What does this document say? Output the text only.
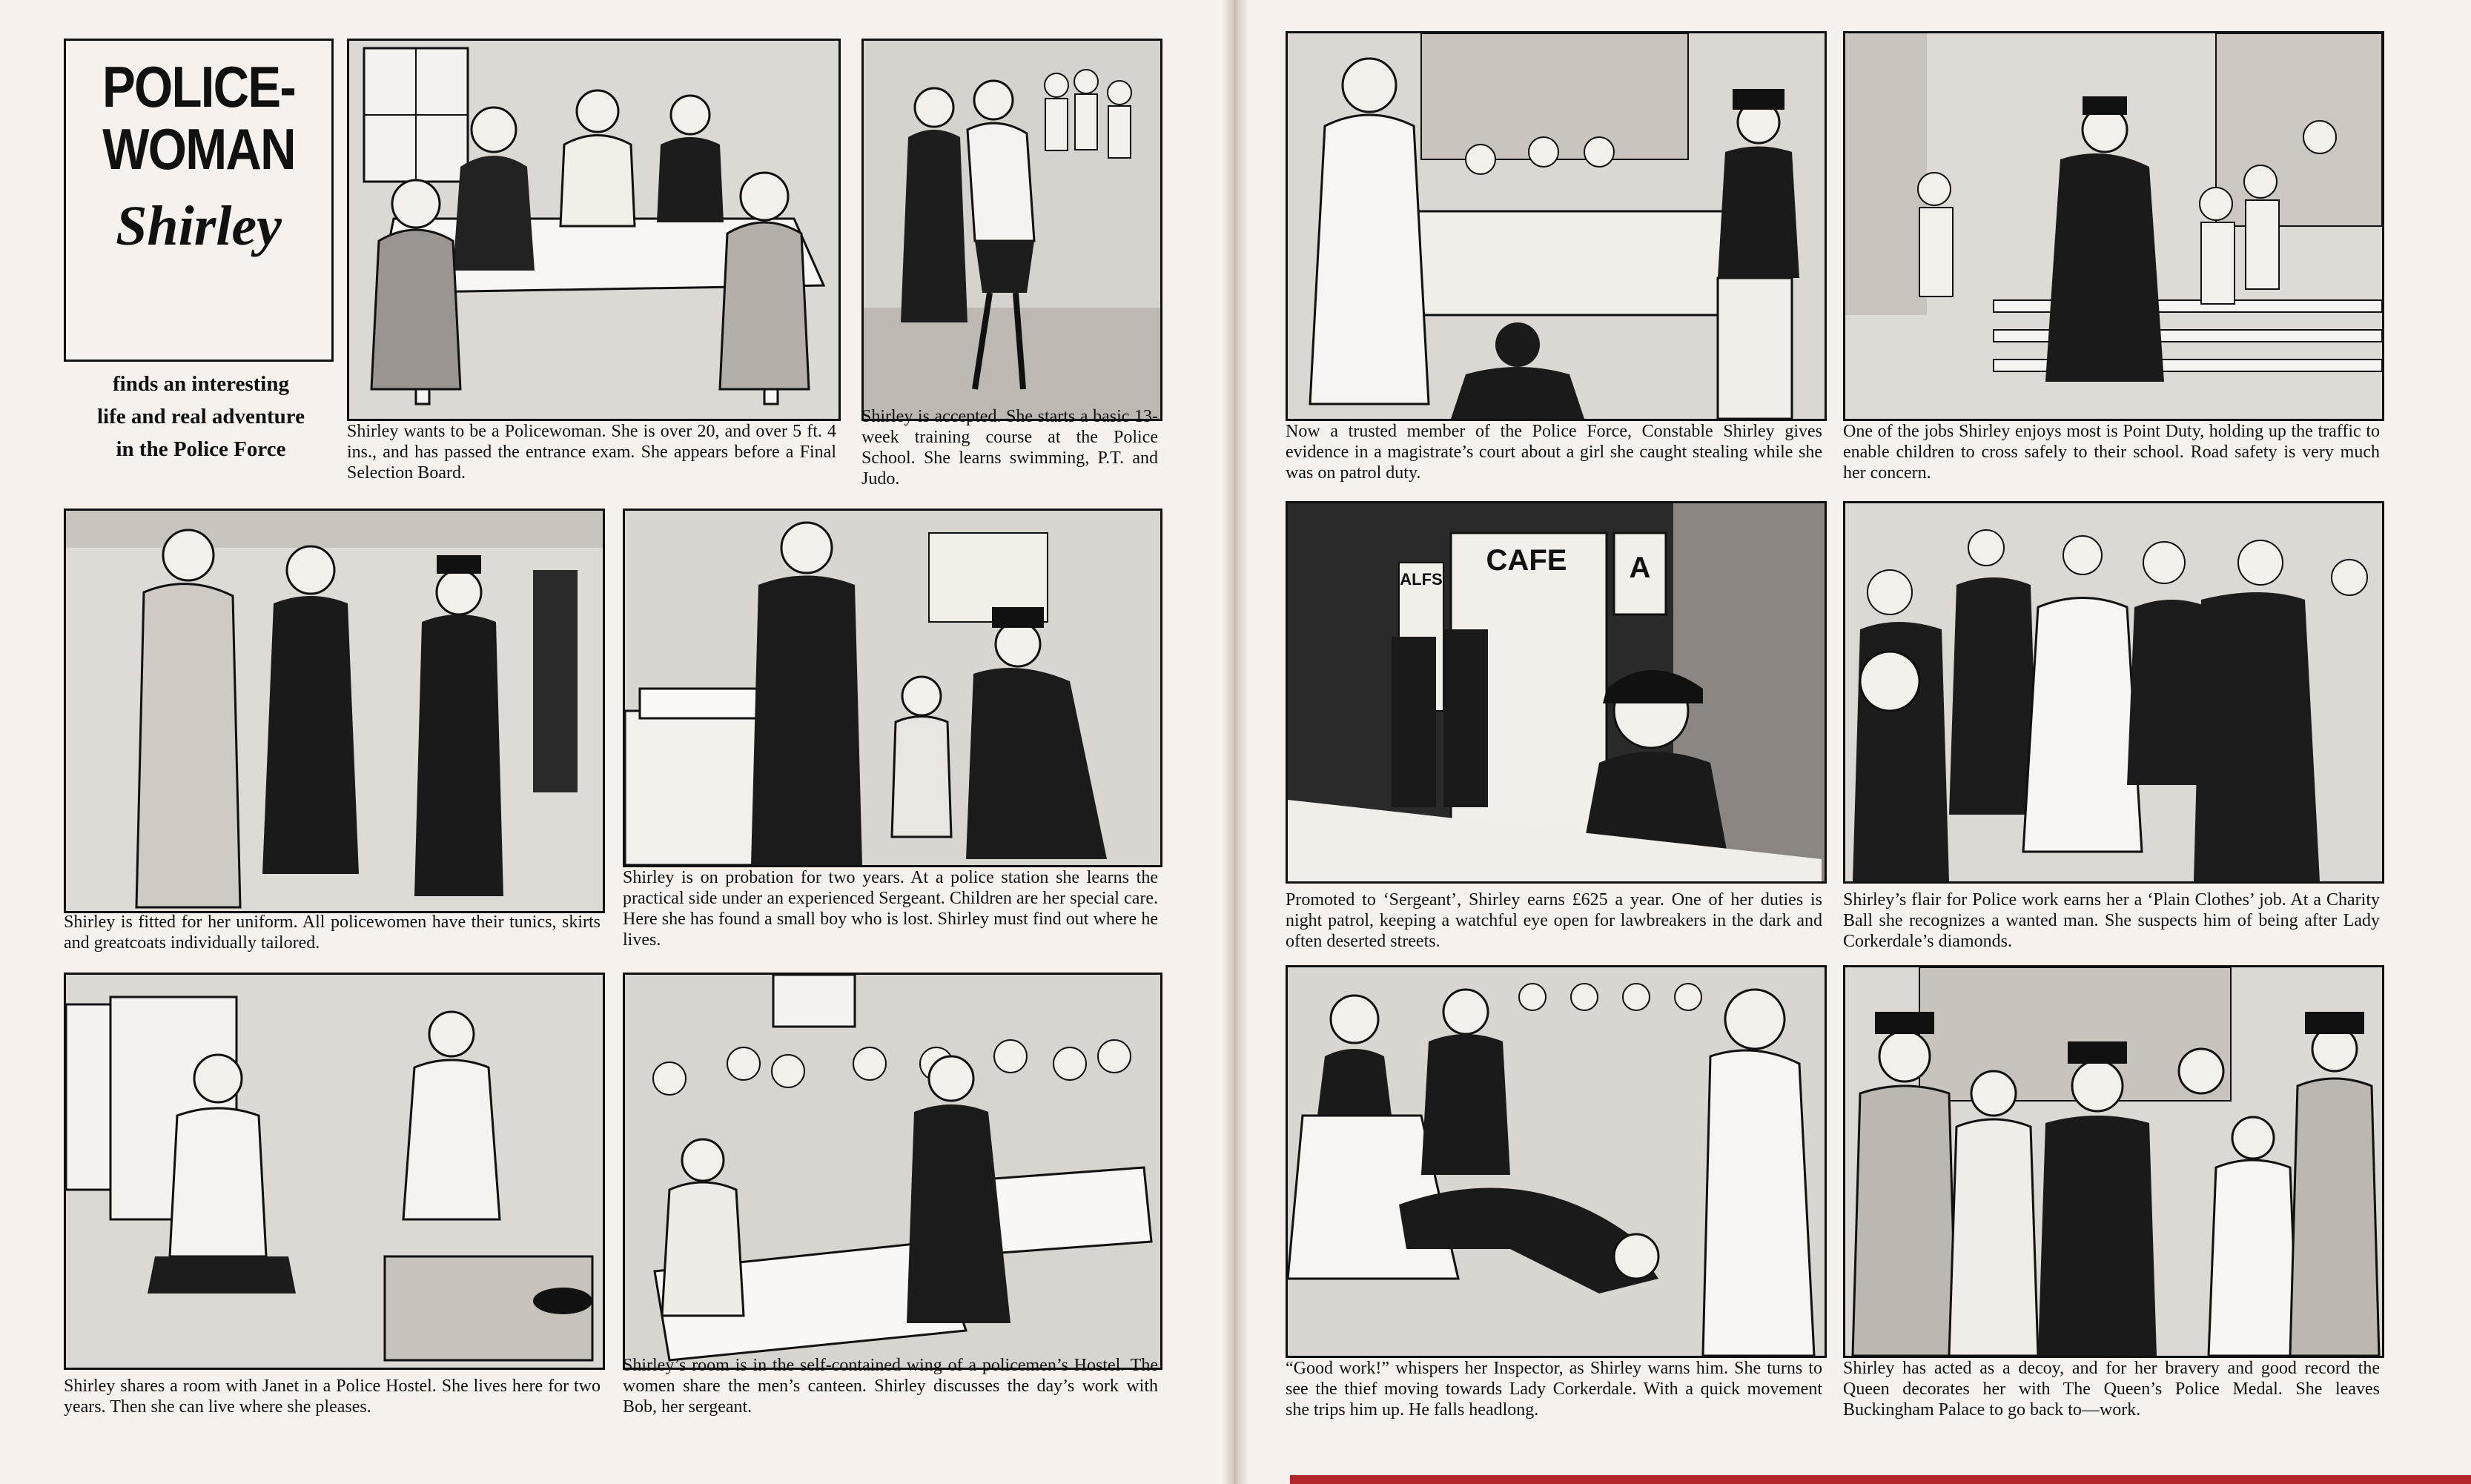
POLICE-
WOMAN
Shirley
finds an interesting
life and real adventure
in the Police Force
Shirley wants to be a Policewoman. She is over 20, and over 5 ft. 4 ins., and has passed the entrance exam. She appears before a Final Selection Board.
Shirley is accepted. She starts a basic 13-week training course at the Police School. She learns swimming, P.T. and Judo.
Shirley is fitted for her uniform. All policewomen have their tunics, skirts and greatcoats individually tailored.
Shirley is on probation for two years. At a police station she learns the practical side under an experienced Sergeant. Children are her special care. Here she has found a small boy who is lost. Shirley must find out where he lives.
Shirley shares a room with Janet in a Police Hostel. She lives here for two years. Then she can live where she pleases.
Shirley’s room is in the self-contained wing of a policemen’s Hostel. The women share the men’s canteen. Shirley discusses the day’s work with Bob, her sergeant.
Now a trusted member of the Police Force, Constable Shirley gives evidence in a magistrate’s court about a girl she caught stealing while she was on patrol duty.
One of the jobs Shirley enjoys most is Point Duty, holding up the traffic to enable children to cross safely to their school. Road safety is very much her concern.
CAFE
ALFS	A
Promoted to ‘Sergeant’, Shirley earns £625 a year. One of her duties is night patrol, keeping a watchful eye open for lawbreakers in the dark and often deserted streets.
Shirley’s flair for Police work earns her a ‘Plain Clothes’ job. At a Charity Ball she recognizes a wanted man. She suspects him of being after Lady Corkerdale’s diamonds.
“Good work!” whispers her Inspector, as Shirley warns him. She turns to see the thief moving towards Lady Corkerdale. With a quick movement she trips him up. He falls headlong.
Shirley has acted as a decoy, and for her bravery and good record the Queen decorates her with The Queen’s Police Medal. She leaves Buckingham Palace to go back to—work.
